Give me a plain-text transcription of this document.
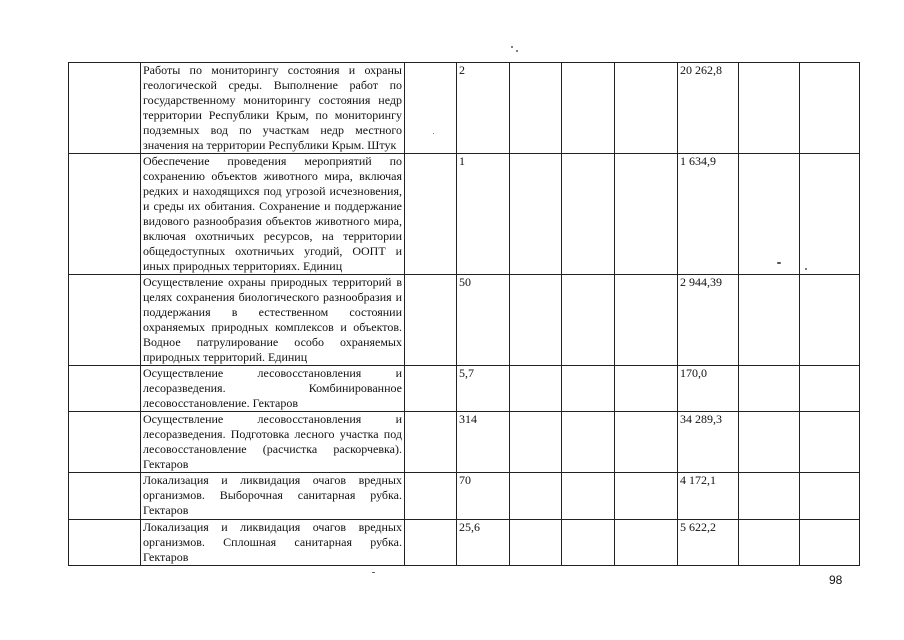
	Работы по мониторингу состояния и охраны геологической среды. Выполнение работ по государственному мониторингу состояния недр территории Республики Крым, по мониторингу подземных вод по участкам недр местного значения на территории Республики Крым. Штук		2				20 262,8		
	Обеспечение проведения мероприятий по сохранению объектов животного мира, включая редких и находящихся под угрозой исчезновения, и среды их обитания. Сохранение и поддержание видового разнообразия объектов животного мира, включая охотничьих ресурсов, на территории общедоступных охотничьих угодий, ООПТ и иных природных территориях. Единиц		1				1 634,9		
	Осуществление охраны природных территорий в целях сохранения биологического разнообразия и поддержания в естественном состоянии охраняемых природных комплексов и объектов. Водное патрулирование особо охраняемых природных территорий. Единиц		50				2 944,39		
	Осуществление лесовосстановления и лесоразведения. Комбинированное лесовосстановление. Гектаров		5,7				170,0		
	Осуществление лесовосстановления и лесоразведения. Подготовка лесного участка под лесовосстановление (расчистка раскорчевка). Гектаров		314				34 289,3		
	Локализация и ликвидация очагов вредных организмов. Выборочная санитарная рубка. Гектаров		70				4 172,1		
	Локализация и ликвидация очагов вредных организмов. Сплошная санитарная рубка. Гектаров		25,6				5 622,2		
98
